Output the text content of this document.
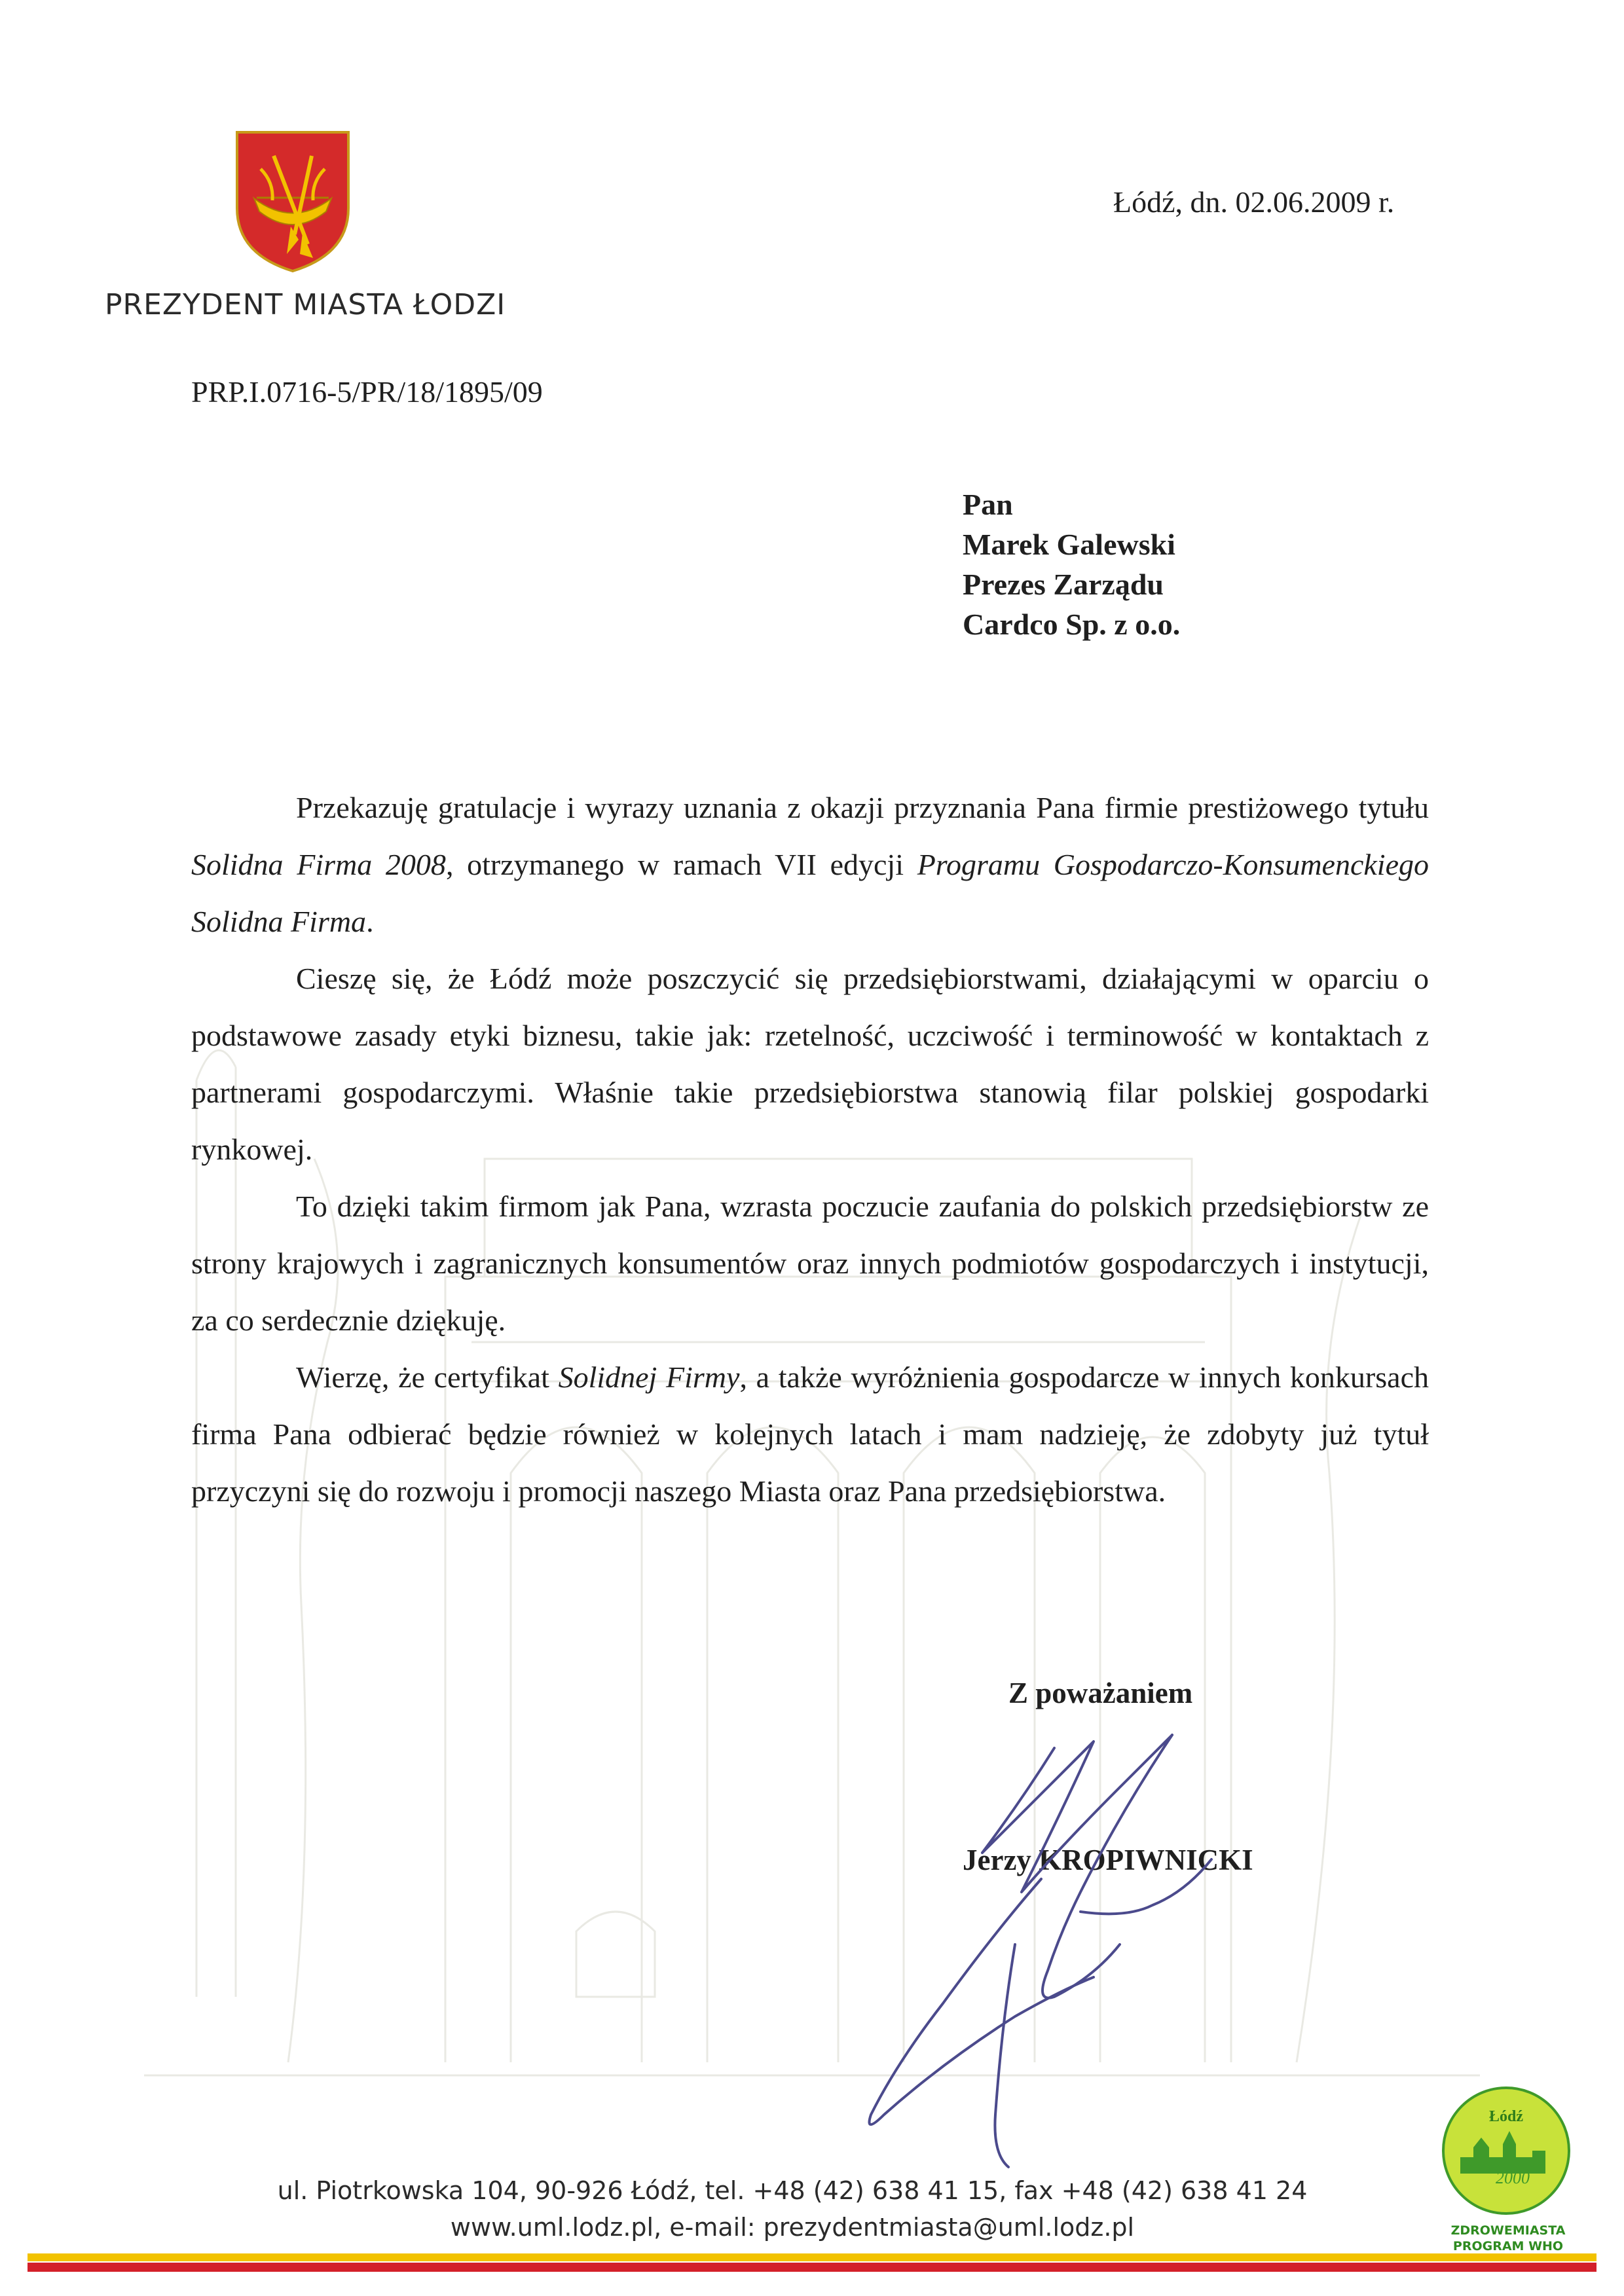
PREZYDENT MIASTA ŁODZI
Łódź, dn. 02.06.2009 r.
PRP.I.0716-5/PR/18/1895/09
Pan
Marek Galewski
Prezes Zarządu
Cardco Sp. z o.o.

Przekazuję gratulacje i wyrazy uznania z okazji przyznania Pana firmie prestiżowego tytułu Solidna Firma 2008, otrzymanego w ramach VII edycji Programu Gospodarczo-Konsumenckiego Solidna Firma.

Cieszę się, że Łódź może poszczycić się przedsiębiorstwami, działającymi w oparciu o podstawowe zasady etyki biznesu, takie jak: rzetelność, uczciwość i terminowość w kontaktach z partnerami gospodarczymi. Właśnie takie przedsiębiorstwa stanowią filar polskiej gospodarki rynkowej.

To dzięki takim firmom jak Pana, wzrasta poczucie zaufania do polskich przedsiębiorstw ze strony krajowych i zagranicznych konsumentów oraz innych podmiotów gospodarczych i instytucji, za co serdecznie dziękuję.

Wierzę, że certyfikat Solidnej Firmy, a także wyróżnienia gospodarcze w innych konkursach firma Pana odbierać będzie również w kolejnych latach i mam nadzieję, że zdobyty już tytuł przyczyni się do rozwoju i promocji naszego Miasta oraz Pana przedsiębiorstwa.

Z poważaniem
Jerzy KROPIWNICKI
ul. Piotrkowska 104, 90-926 Łódź, tel. +48 (42) 638 41 15, fax +48 (42) 638 41 24
www.uml.lodz.pl, e-mail: prezydentmiasta@uml.lodz.pl
Łódź
2000
ZDROWEMIASTA
PROGRAM WHO
